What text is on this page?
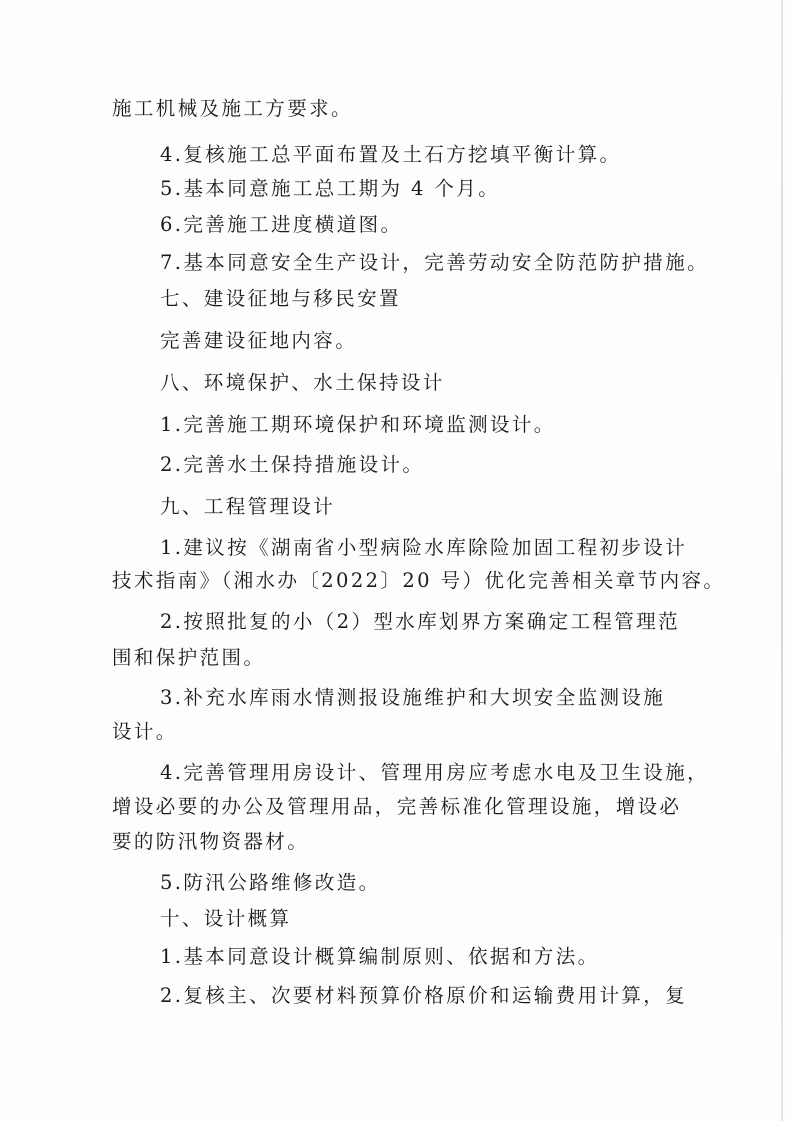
施工机械及施工方要求。
4.复核施工总平面布置及土石方挖填平衡计算。
5.基本同意施工总工期为 4 个月。
6.完善施工进度横道图。
7.基本同意安全生产设计，完善劳动安全防范防护措施。
七、建设征地与移民安置
完善建设征地内容。
八、环境保护、水土保持设计
1.完善施工期环境保护和环境监测设计。
2.完善水土保持措施设计。
九、工程管理设计
1.建议按《湖南省小型病险水库除险加固工程初步设计
技术指南》（湘水办〔2022〕20 号）优化完善相关章节内容。
2.按照批复的小（2）型水库划界方案确定工程管理范
围和保护范围。
3.补充水库雨水情测报设施维护和大坝安全监测设施
设计。
4.完善管理用房设计、管理用房应考虑水电及卫生设施，
增设必要的办公及管理用品，完善标准化管理设施，增设必
要的防汛物资器材。
5.防汛公路维修改造。
十、设计概算
1.基本同意设计概算编制原则、依据和方法。
2.复核主、次要材料预算价格原价和运输费用计算，复
